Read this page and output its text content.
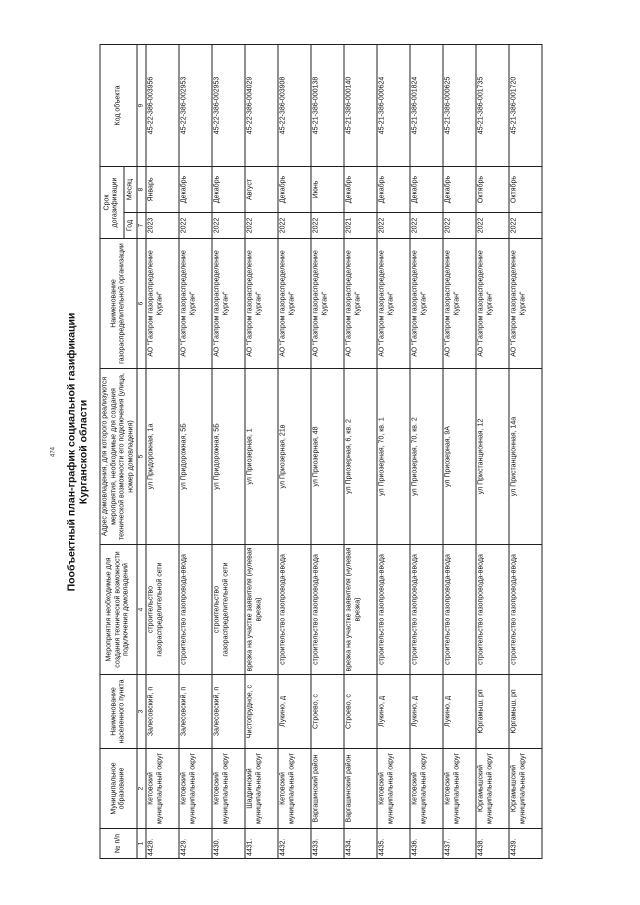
474 Пообъектный план-график социальной газификации Курганской области
№ п/п	Муниципальное образование	Наименование населенного пункта	Мероприятия необходимые для создания технической возможности подключения домовладений	Адрес домовладения, для которого реализуются мероприятия, необходимые для создания технической возможности его подключения (улица, номер домовладения)	Наименование газораспределительной организации	Срок догазификации		Код объекта
						Год	Месяц	
1	2	3	4	5	6	7	8	9
4428.	Кетовский муниципальный округ	Залесовский, п	строительство газораспределительной сети	ул Придорожная, 1а	АО "Газпром газораспределение Курган"	2023	Январь	45-22-386-003956
4429.	Кетовский муниципальный округ	Залесовский, п	строительство газопровода-ввода	ул Придорожная, 5Б	АО "Газпром газораспределение Курган"	2022	Декабрь	45-22-386-002953
4430.	Кетовский муниципальный округ	Залесовский, п	строительство газораспределительной сети	ул Придорожная, 5Б	АО "Газпром газораспределение Курган"	2022	Декабрь	45-22-386-002953
4431.	Шадринский муниципальный округ	Чистопрудное, с	врезка на участке заявителя (нулевая врезка)	ул Приозерная, 1	АО "Газпром газораспределение Курган"	2022	Август	45-22-386-004029
4432.	Кетовский муниципальный округ	Лукино, д	строительство газопровода-ввода	ул Приозерная, 21в	АО "Газпром газораспределение Курган"	2022	Декабрь	45-22-386-003908
4433.	Варгашинский район	Строево, с	строительство газопровода-ввода	ул Приозерная, 48	АО "Газпром газораспределение Курган"	2022	Июнь	45-21-386-000138
4434.	Варгашинский район	Строево, с	врезка на участке заявителя (нулевая врезка)	ул Приозерная, 6, кв. 2	АО "Газпром газораспределение Курган"	2021	Декабрь	45-21-386-000140
4435.	Кетовский муниципальный округ	Лукино, д	строительство газопровода-ввода	ул Приозерная, 70, кв. 1	АО "Газпром газораспределение Курган"	2022	Декабрь	45-21-386-000624
4436.	Кетовский муниципальный округ	Лукино, д	строительство газопровода-ввода	ул Приозерная, 70, кв. 2	АО "Газпром газораспределение Курган"	2022	Декабрь	45-21-386-001824
4437.	Кетовский муниципальный округ	Лукино, д	строительство газопровода-ввода	ул Приозерная, 9А	АО "Газпром газораспределение Курган"	2022	Декабрь	45-21-386-000625
4438.	Юргамышский муниципальный округ	Юргамыш, рп	строительство газопровода-ввода	ул Пристанционная, 12	АО "Газпром газораспределение Курган"	2022	Октябрь	45-21-386-001735
4439.	Юргамышский муниципальный округ	Юргамыш, рп	строительство газопровода-ввода	ул Пристанционная, 14а	АО "Газпром газораспределение Курган"	2022	Октябрь	45-21-386-001720
